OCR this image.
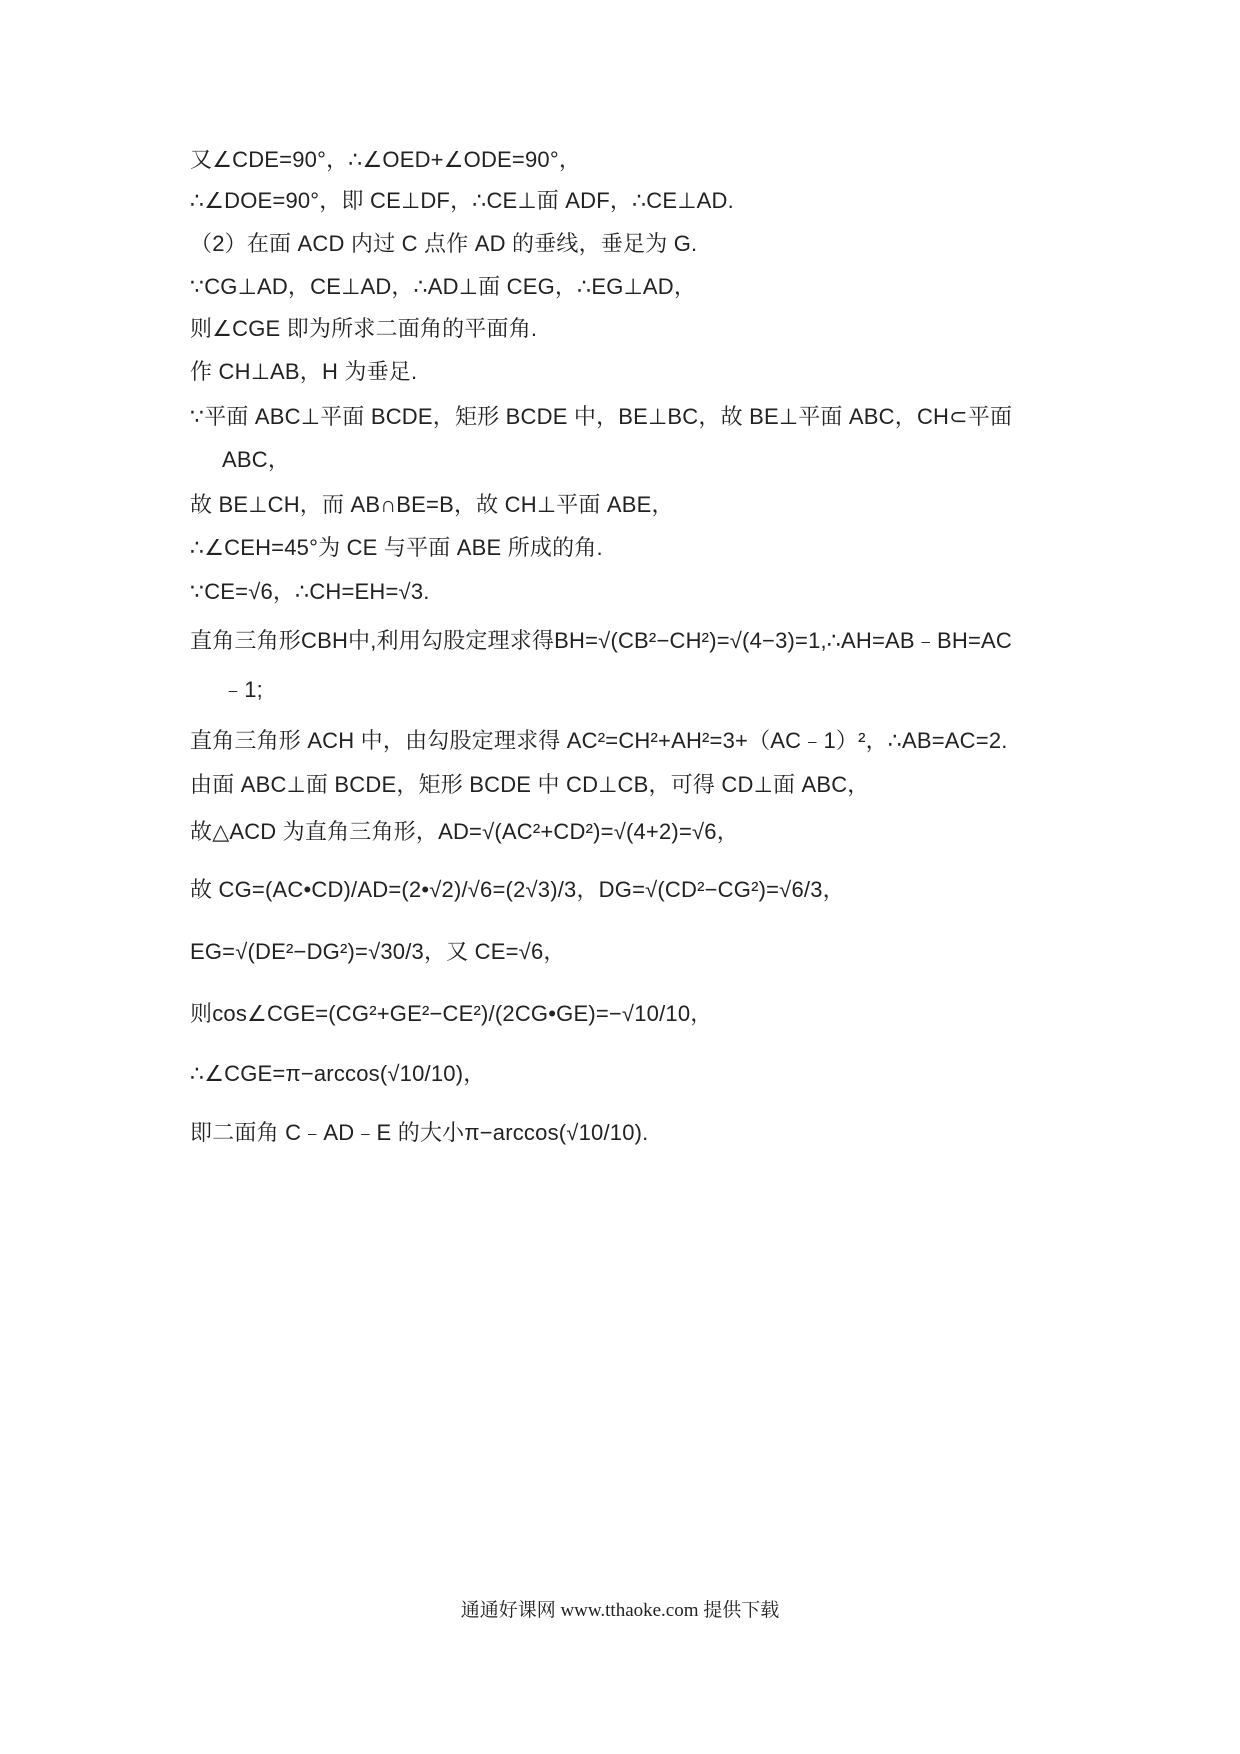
又∠CDE=90°，∴∠OED+∠ODE=90°，
∴∠DOE=90°，即 CE⊥DF，∴CE⊥面 ADF，∴CE⊥AD.
（2）在面 ACD 内过 C 点作 AD 的垂线，垂足为 G.
∵CG⊥AD，CE⊥AD，∴AD⊥面 CEG，∴EG⊥AD，
则∠CGE 即为所求二面角的平面角.
作 CH⊥AB，H 为垂足.
∵平面 ABC⊥平面 BCDE，矩形 BCDE 中，BE⊥BC，故 BE⊥平面 ABC，CH⊂平面
ABC，
故 BE⊥CH，而 AB∩BE=B，故 CH⊥平面 ABE，
∴∠CEH=45°为 CE 与平面 ABE 所成的角.
∵CE=√6，∴CH=EH=√3.
直角三角形CBH中,利用勾股定理求得BH=√(CB²−CH²)=√(4−3)=1,∴AH=AB﹣BH=AC
﹣1;
直角三角形 ACH 中，由勾股定理求得 AC²=CH²+AH²=3+（AC﹣1）²，∴AB=AC=2.
由面 ABC⊥面 BCDE，矩形 BCDE 中 CD⊥CB，可得 CD⊥面 ABC，
故△ACD 为直角三角形，AD=√(AC²+CD²)=√(4+2)=√6，
故 CG=(AC•CD)/AD=(2•√2)/√6=(2√3)/3，DG=√(CD²−CG²)=√6/3，
EG=√(DE²−DG²)=√30/3，又 CE=√6，
则cos∠CGE=(CG²+GE²−CE²)/(2CG•GE)=−√10/10，
∴∠CGE=π−arccos(√10/10)，
即二面角 C﹣AD﹣E 的大小π−arccos(√10/10).
通通好课网 www.tthaoke.com 提供下载
